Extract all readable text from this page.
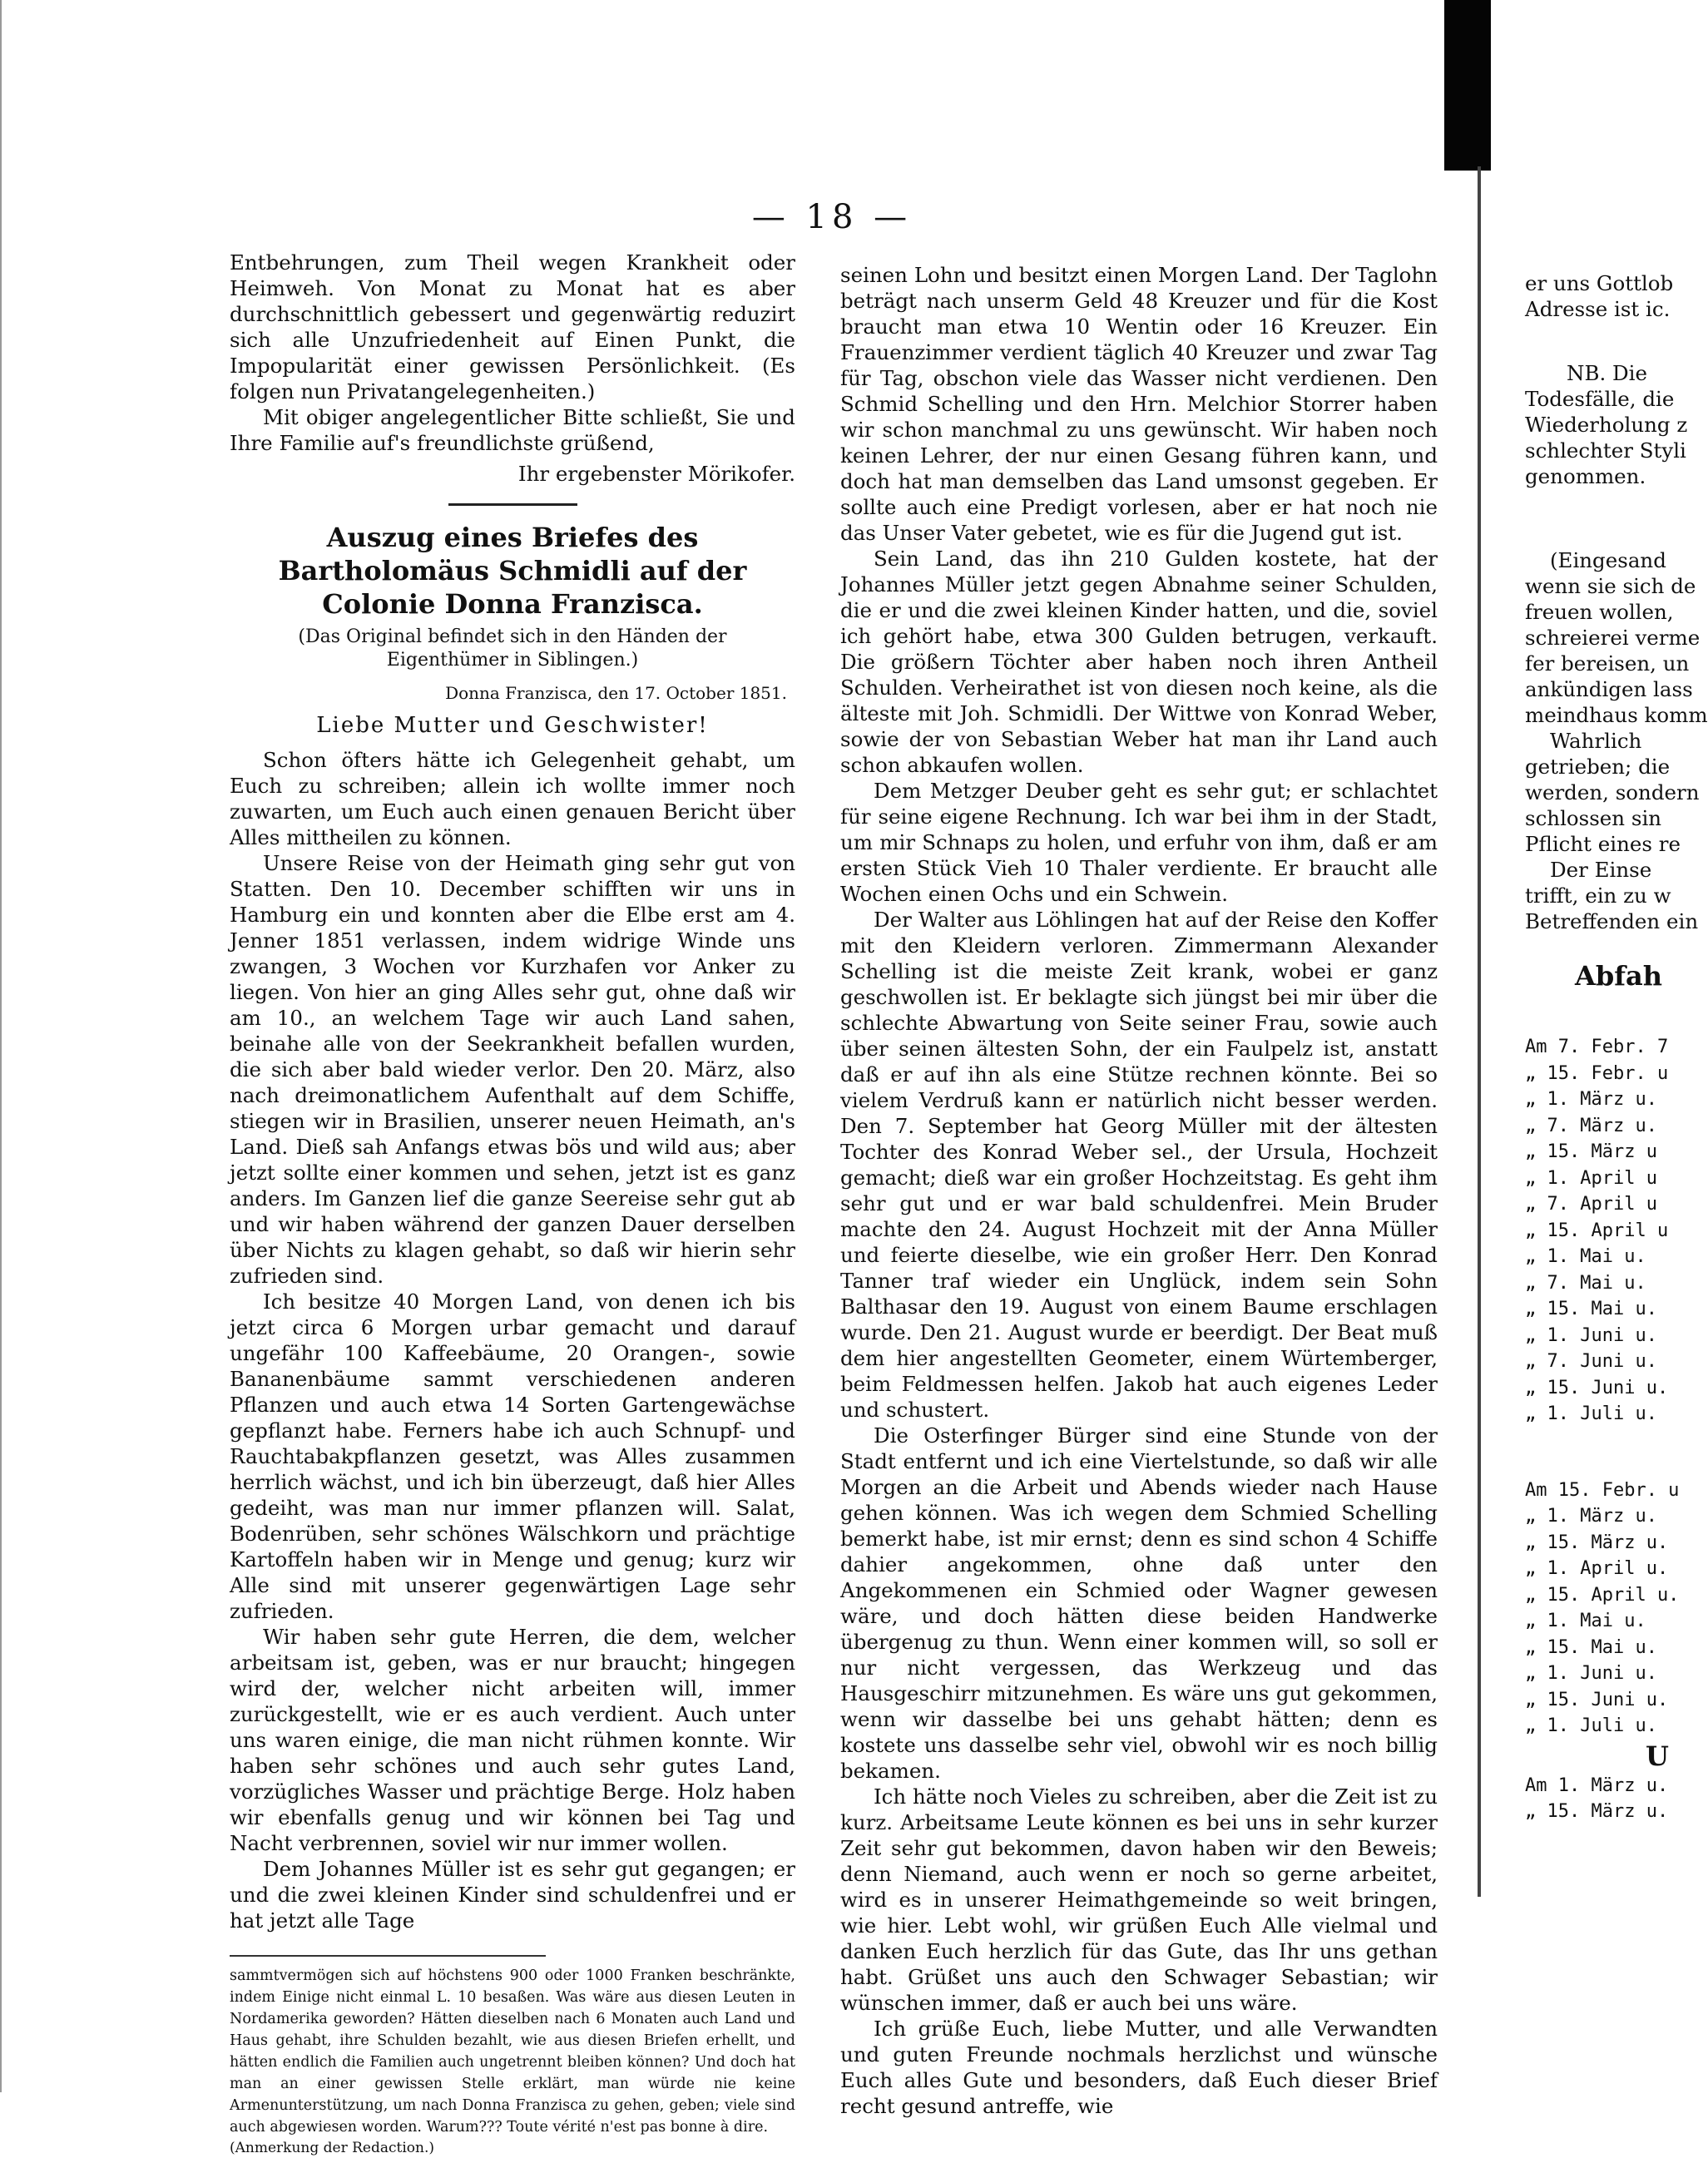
— 18 —

Entbehrungen, zum Theil wegen Krankheit oder Heimweh. Von Monat zu Monat hat es aber durchschnittlich gebessert und gegenwärtig reduzirt sich alle Unzufriedenheit auf Einen Punkt, die Impopularität einer gewissen Persönlichkeit. (Es folgen nun Privatangelegenheiten.)

Mit obiger angelegentlicher Bitte schließt, Sie und Ihre Familie auf's freundlichste grüßend,

Ihr ergebenster Mörikofer.

Auszug eines Briefes des Bartholomäus Schmidli auf der Colonie Donna Franzisca.
(Das Original befindet sich in den Händen der Eigenthümer in Siblingen.)
Donna Franzisca, den 17. October 1851.
Liebe Mutter und Geschwister!

Schon öfters hätte ich Gelegenheit gehabt, um Euch zu schreiben; allein ich wollte immer noch zuwarten, um Euch auch einen genauen Bericht über Alles mittheilen zu können.

Unsere Reise von der Heimath ging sehr gut von Statten. Den 10. December schifften wir uns in Hamburg ein und konnten aber die Elbe erst am 4. Jenner 1851 verlassen, indem widrige Winde uns zwangen, 3 Wochen vor Kurzhafen vor Anker zu liegen. Von hier an ging Alles sehr gut, ohne daß wir am 10., an welchem Tage wir auch Land sahen, beinahe alle von der Seekrankheit befallen wurden, die sich aber bald wieder verlor. Den 20. März, also nach dreimonatlichem Aufenthalt auf dem Schiffe, stiegen wir in Brasilien, unserer neuen Heimath, an's Land. Dieß sah Anfangs etwas bös und wild aus; aber jetzt sollte einer kommen und sehen, jetzt ist es ganz anders. Im Ganzen lief die ganze Seereise sehr gut ab und wir haben während der ganzen Dauer derselben über Nichts zu klagen gehabt, so daß wir hierin sehr zufrieden sind.

Ich besitze 40 Morgen Land, von denen ich bis jetzt circa 6 Morgen urbar gemacht und darauf ungefähr 100 Kaffeebäume, 20 Orangen-, sowie Bananenbäume sammt verschiedenen anderen Pflanzen und auch etwa 14 Sorten Gartengewächse gepflanzt habe. Ferners habe ich auch Schnupf- und Rauchtabakpflanzen gesetzt, was Alles zusammen herrlich wächst, und ich bin überzeugt, daß hier Alles gedeiht, was man nur immer pflanzen will. Salat, Bodenrüben, sehr schönes Wälschkorn und prächtige Kartoffeln haben wir in Menge und genug; kurz wir Alle sind mit unserer gegenwärtigen Lage sehr zufrieden.

Wir haben sehr gute Herren, die dem, welcher arbeitsam ist, geben, was er nur braucht; hingegen wird der, welcher nicht arbeiten will, immer zurückgestellt, wie er es auch verdient. Auch unter uns waren einige, die man nicht rühmen konnte. Wir haben sehr schönes und auch sehr gutes Land, vorzügliches Wasser und prächtige Berge. Holz haben wir ebenfalls genug und wir können bei Tag und Nacht verbrennen, soviel wir nur immer wollen.

Dem Johannes Müller ist es sehr gut gegangen; er und die zwei kleinen Kinder sind schuldenfrei und er hat jetzt alle Tage

sammtvermögen sich auf höchstens 900 oder 1000 Franken beschränkte, indem Einige nicht einmal L. 10 besaßen. Was wäre aus diesen Leuten in Nordamerika geworden? Hätten dieselben nach 6 Monaten auch Land und Haus gehabt, ihre Schulden bezahlt, wie aus diesen Briefen erhellt, und hätten endlich die Familien auch ungetrennt bleiben können? Und doch hat man an einer gewissen Stelle erklärt, man würde nie keine Armenunterstützung, um nach Donna Franzisca zu gehen, geben; viele sind auch abgewiesen worden. Warum??? Toute vérité n'est pas bonne à dire.

(Anmerkung der Redaction.)

seinen Lohn und besitzt einen Morgen Land. Der Taglohn beträgt nach unserm Geld 48 Kreuzer und für die Kost braucht man etwa 10 Wentin oder 16 Kreuzer. Ein Frauenzimmer verdient täglich 40 Kreuzer und zwar Tag für Tag, obschon viele das Wasser nicht verdienen. Den Schmid Schelling und den Hrn. Melchior Storrer haben wir schon manchmal zu uns gewünscht. Wir haben noch keinen Lehrer, der nur einen Gesang führen kann, und doch hat man demselben das Land umsonst gegeben. Er sollte auch eine Predigt vorlesen, aber er hat noch nie das Unser Vater gebetet, wie es für die Jugend gut ist.

Sein Land, das ihn 210 Gulden kostete, hat der Johannes Müller jetzt gegen Abnahme seiner Schulden, die er und die zwei kleinen Kinder hatten, und die, soviel ich gehört habe, etwa 300 Gulden betrugen, verkauft. Die größern Töchter aber haben noch ihren Antheil Schulden. Verheirathet ist von diesen noch keine, als die älteste mit Joh. Schmidli. Der Wittwe von Konrad Weber, sowie der von Sebastian Weber hat man ihr Land auch schon abkaufen wollen.

Dem Metzger Deuber geht es sehr gut; er schlachtet für seine eigene Rechnung. Ich war bei ihm in der Stadt, um mir Schnaps zu holen, und erfuhr von ihm, daß er am ersten Stück Vieh 10 Thaler verdiente. Er braucht alle Wochen einen Ochs und ein Schwein.

Der Walter aus Löhlingen hat auf der Reise den Koffer mit den Kleidern verloren. Zimmermann Alexander Schelling ist die meiste Zeit krank, wobei er ganz geschwollen ist. Er beklagte sich jüngst bei mir über die schlechte Abwartung von Seite seiner Frau, sowie auch über seinen ältesten Sohn, der ein Faulpelz ist, anstatt daß er auf ihn als eine Stütze rechnen könnte. Bei so vielem Verdruß kann er natürlich nicht besser werden. Den 7. September hat Georg Müller mit der ältesten Tochter des Konrad Weber sel., der Ursula, Hochzeit gemacht; dieß war ein großer Hochzeitstag. Es geht ihm sehr gut und er war bald schuldenfrei. Mein Bruder machte den 24. August Hochzeit mit der Anna Müller und feierte dieselbe, wie ein großer Herr. Den Konrad Tanner traf wieder ein Unglück, indem sein Sohn Balthasar den 19. August von einem Baume erschlagen wurde. Den 21. August wurde er beerdigt. Der Beat muß dem hier angestellten Geometer, einem Würtemberger, beim Feldmessen helfen. Jakob hat auch eigenes Leder und schustert.

Die Osterfinger Bürger sind eine Stunde von der Stadt entfernt und ich eine Viertelstunde, so daß wir alle Morgen an die Arbeit und Abends wieder nach Hause gehen können. Was ich wegen dem Schmied Schelling bemerkt habe, ist mir ernst; denn es sind schon 4 Schiffe dahier angekommen, ohne daß unter den Angekommenen ein Schmied oder Wagner gewesen wäre, und doch hätten diese beiden Handwerke übergenug zu thun. Wenn einer kommen will, so soll er nur nicht vergessen, das Werkzeug und das Hausgeschirr mitzunehmen. Es wäre uns gut gekommen, wenn wir dasselbe bei uns gehabt hätten; denn es kostete uns dasselbe sehr viel, obwohl wir es noch billig bekamen.

Ich hätte noch Vieles zu schreiben, aber die Zeit ist zu kurz. Arbeitsame Leute können es bei uns in sehr kurzer Zeit sehr gut bekommen, davon haben wir den Beweis; denn Niemand, auch wenn er noch so gerne arbeitet, wird es in unserer Heimathgemeinde so weit bringen, wie hier. Lebt wohl, wir grüßen Euch Alle vielmal und danken Euch herzlich für das Gute, das Ihr uns gethan habt. Grüßet uns auch den Schwager Sebastian; wir wünschen immer, daß er auch bei uns wäre.

Ich grüße Euch, liebe Mutter, und alle Verwandten und guten Freunde nochmals herzlichst und wünsche Euch alles Gute und besonders, daß Euch dieser Brief recht gesund antreffe, wie

er uns Gottlob

Adresse ist ic.

NB. Die

Todesfälle, die

Wiederholung z

schlechter Styli

genommen.

(Eingesand

wenn sie sich de

freuen wollen,

schreierei verme

fer bereisen, un

ankündigen lass

meindhaus komm

Wahrlich

getrieben; die

werden, sondern

schlossen sin

Pflicht eines re

Der Einse

trifft, ein zu w

Betreffenden ein

Abfah
Am 7. Febr. 7
„ 15. Febr. u
„ 1. März u.
„ 7. März u.
„ 15. März u
„ 1. April u
„ 7. April u
„ 15. April u
„ 1. Mai u.
„ 7. Mai u.
„ 15. Mai u.
„ 1. Juni u.
„ 7. Juni u.
„ 15. Juni u.
„ 1. Juli u.
Am 15. Febr. u
„ 1. März u.
„ 15. März u.
„ 1. April u.
„ 15. April u.
„ 1. Mai u.
„ 15. Mai u.
„ 1. Juni u.
„ 15. Juni u.
„ 1. Juli u.
U
Am 1. März u.
„ 15. März u.
